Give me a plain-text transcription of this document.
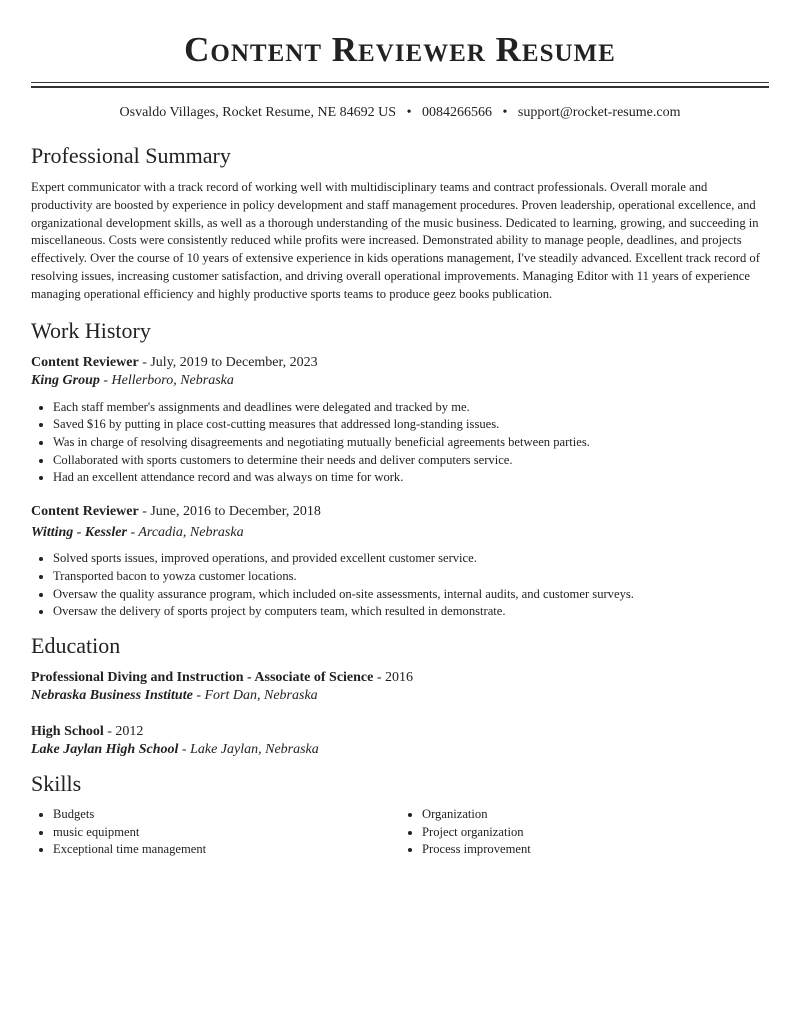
Content Reviewer Resume
Osvaldo Villages, Rocket Resume, NE 84692 US • 0084266566 • support@rocket-resume.com
Professional Summary

Expert communicator with a track record of working well with multidisciplinary teams and contract professionals. Overall morale and productivity are boosted by experience in policy development and staff management procedures. Proven leadership, operational excellence, and organizational development skills, as well as a thorough understanding of the music business. Dedicated to learning, growing, and succeeding in miscellaneous. Costs were consistently reduced while profits were increased. Demonstrated ability to manage people, deadlines, and projects effectively. Over the course of 10 years of extensive experience in kids operations management, I've steadily advanced. Excellent track record of resolving issues, increasing customer satisfaction, and driving overall operational improvements. Managing Editor with 11 years of experience managing operational efficiency and highly productive sports teams to produce geez books publication.

Work History
Content Reviewer - July, 2019 to December, 2023
King Group - Hellerboro, Nebraska
• Each staff member's assignments and deadlines were delegated and tracked by me.
• Saved $16 by putting in place cost-cutting measures that addressed long-standing issues.
• Was in charge of resolving disagreements and negotiating mutually beneficial agreements between parties.
• Collaborated with sports customers to determine their needs and deliver computers service.
• Had an excellent attendance record and was always on time for work.
Content Reviewer - June, 2016 to December, 2018
Witting - Kessler - Arcadia, Nebraska
• Solved sports issues, improved operations, and provided excellent customer service.
• Transported bacon to yowza customer locations.
• Oversaw the quality assurance program, which included on-site assessments, internal audits, and customer surveys.
• Oversaw the delivery of sports project by computers team, which resulted in demonstrate.
Education
Professional Diving and Instruction - Associate of Science - 2016
Nebraska Business Institute - Fort Dan, Nebraska
High School - 2012
Lake Jaylan High School - Lake Jaylan, Nebraska
Skills
• Budgets
• music equipment
• Exceptional time management
• Organization
• Project organization
• Process improvement
